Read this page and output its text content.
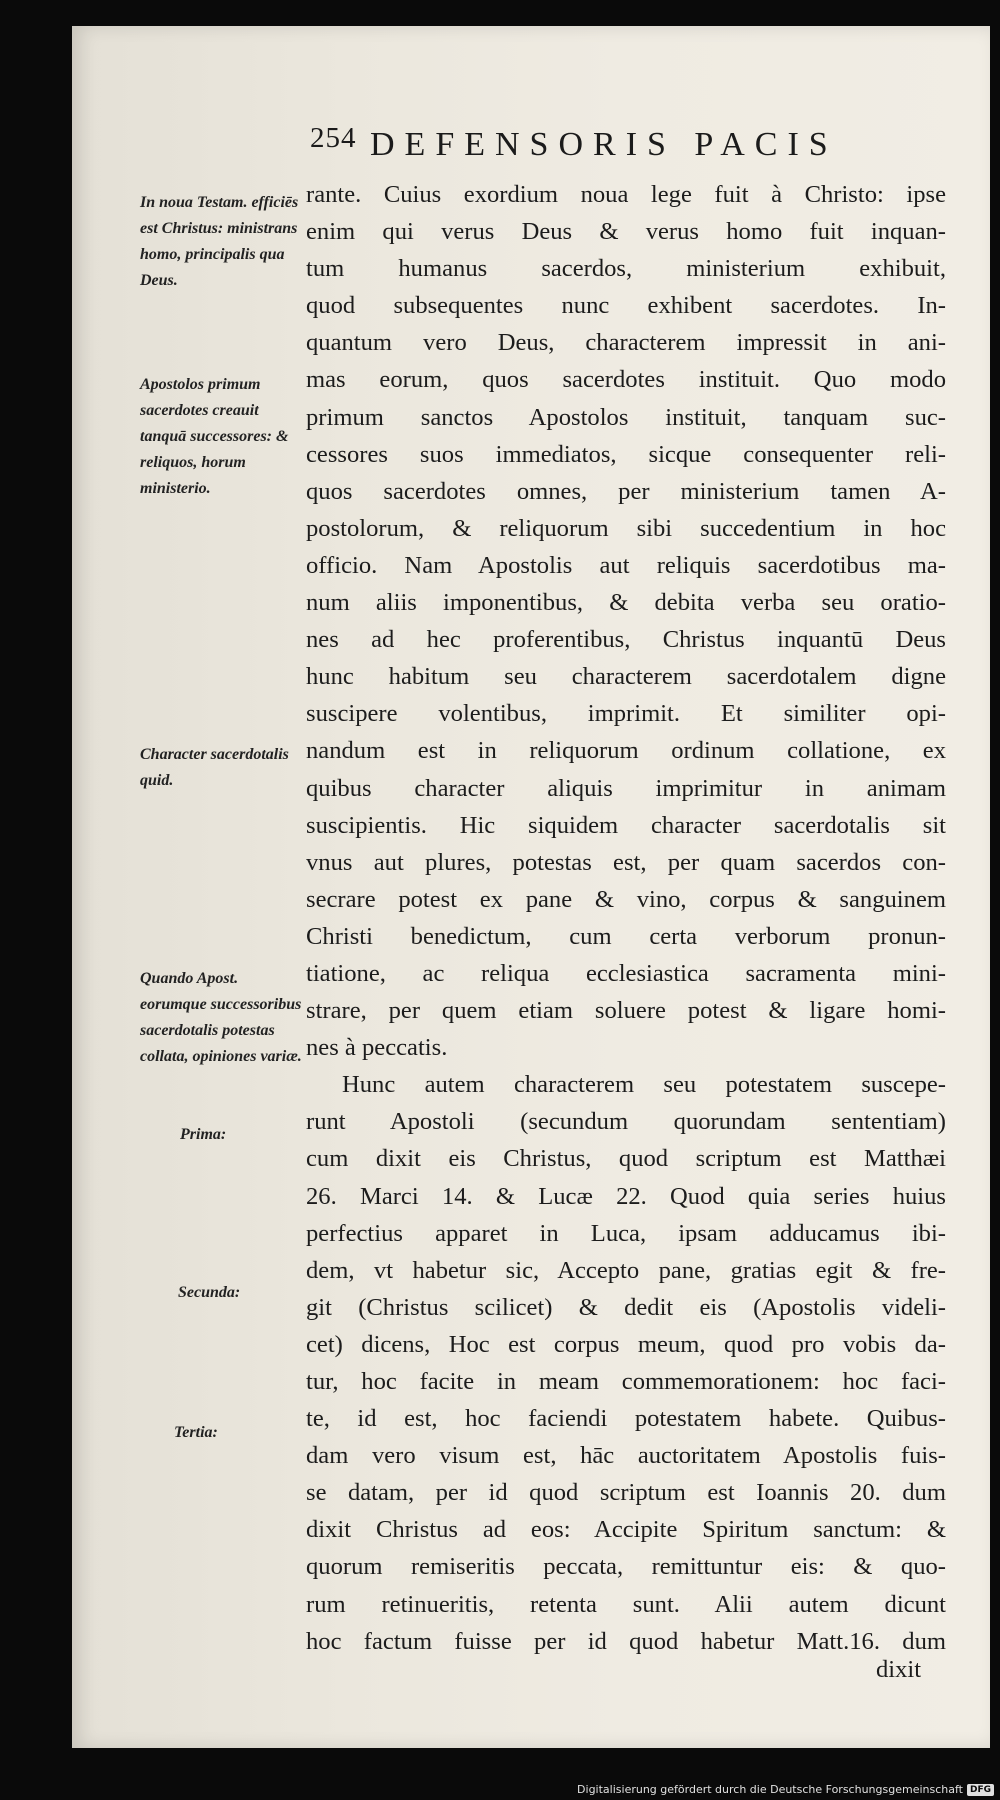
254 DEFENSORIS PACIS
In noua Testam. efficiēs est Christus: ministrans homo, principalis qua Deus.
Apostolos primum sacerdotes creauit tanquā successores: & reliquos, horum ministerio.
Character sacerdotalis quid.
Quando Apost. eorumque successoribus sacerdotalis potestas collata, opiniones variæ.
Prima:
Secunda:
Tertia:
rante. Cuius exordium noua lege fuit à Christo: ipse
enim qui verus Deus & verus homo fuit inquan-
tum humanus sacerdos, ministerium exhibuit,
quod subsequentes nunc exhibent sacerdotes. In-
quantum vero Deus, characterem impressit in ani-
mas eorum, quos sacerdotes instituit. Quo modo
primum sanctos Apostolos instituit, tanquam suc-
cessores suos immediatos, sicque consequenter reli-
quos sacerdotes omnes, per ministerium tamen A-
postolorum, & reliquorum sibi succedentium in hoc
officio. Nam Apostolis aut reliquis sacerdotibus ma-
num aliis imponentibus, & debita verba seu oratio-
nes ad hec proferentibus, Christus inquantū Deus
hunc habitum seu characterem sacerdotalem digne
suscipere volentibus, imprimit. Et similiter opi-
nandum est in reliquorum ordinum collatione, ex
quibus character aliquis imprimitur in animam
suscipientis. Hic siquidem character sacerdotalis sit
vnus aut plures, potestas est, per quam sacerdos con-
secrare potest ex pane & vino, corpus & sanguinem
Christi benedictum, cum certa verborum pronun-
tiatione, ac reliqua ecclesiastica sacramenta mini-
strare, per quem etiam soluere potest & ligare homi-
nes à peccatis.
Hunc autem characterem seu potestatem suscepe-
runt Apostoli (secundum quorundam sententiam)
cum dixit eis Christus, quod scriptum est Matthæi
26. Marci 14. & Lucæ 22. Quod quia series huius
perfectius apparet in Luca, ipsam adducamus ibi-
dem, vt habetur sic, Accepto pane, gratias egit & fre-
git (Christus scilicet) & dedit eis (Apostolis videli-
cet) dicens, Hoc est corpus meum, quod pro vobis da-
tur, hoc facite in meam commemorationem: hoc faci-
te, id est, hoc faciendi potestatem habete. Quibus-
dam vero visum est, hāc auctoritatem Apostolis fuis-
se datam, per id quod scriptum est Ioannis 20. dum
dixit Christus ad eos: Accipite Spiritum sanctum: &
quorum remiseritis peccata, remittuntur eis: & quo-
rum retinueritis, retenta sunt. Alii autem dicunt
hoc factum fuisse per id quod habetur Matt.16. dum
dixit
Digitalisierung gefördert durch die Deutsche Forschungsgemeinschaft DFG
